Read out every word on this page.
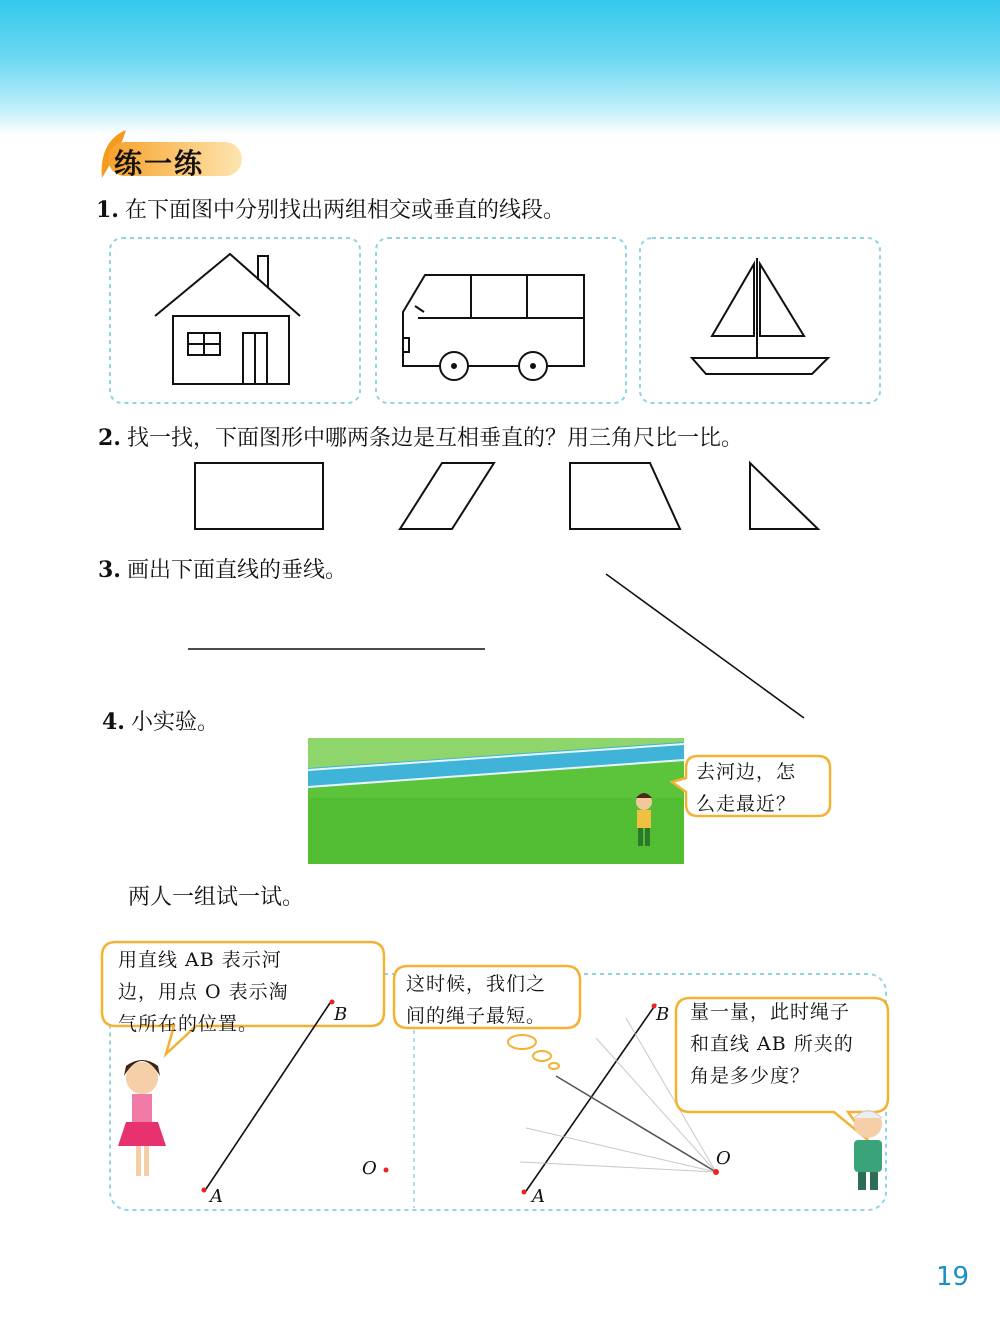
练一练
1. 在下面图中分别找出两组相交或垂直的线段。
2. 找一找，下面图形中哪两条边是互相垂直的？用三角尺比一比。
3. 画出下面直线的垂线。
4. 小实验。
去河边，怎
么走最近？
两人一组试一试。
B
A
O
B
A
O
用直线 AB 表示河
边，用点 O 表示淘
气所在的位置。
这时候，我们之
间的绳子最短。	量一量，此时绳子
和直线 AB 所夹的
角是多少度？
19
